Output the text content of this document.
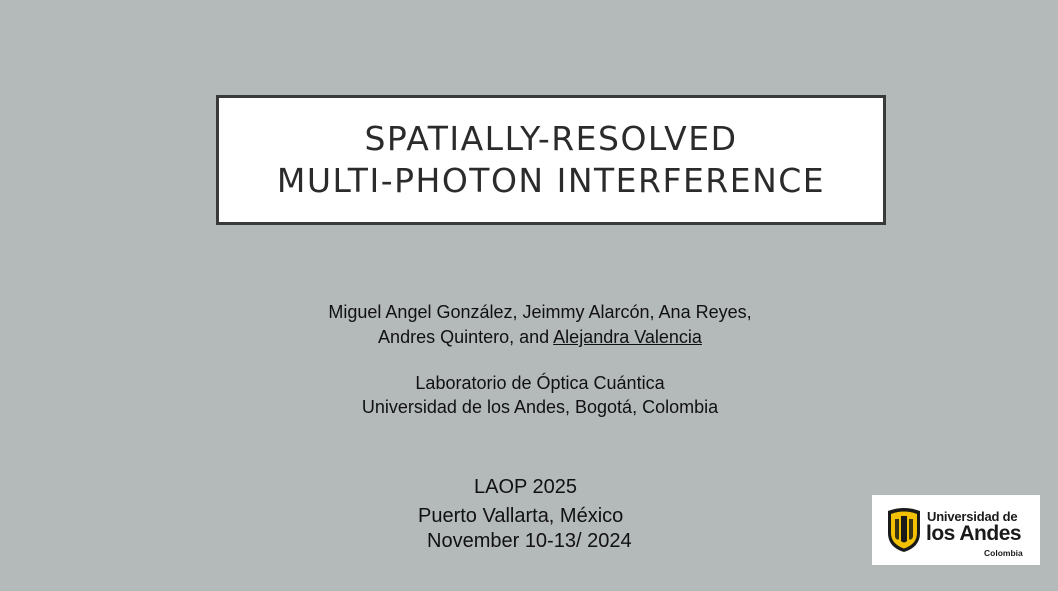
SPATIALLY-RESOLVED
MULTI-PHOTON INTERFERENCE
Miguel Angel González, Jeimmy Alarcón, Ana Reyes,
Andres Quintero, and Alejandra Valencia
Laboratorio de Óptica Cuántica
Universidad de los Andes, Bogotá, Colombia
LAOP 2025
Puerto Vallarta, México
November 10-13/ 2024
Universidad de
los Andes
Colombia
